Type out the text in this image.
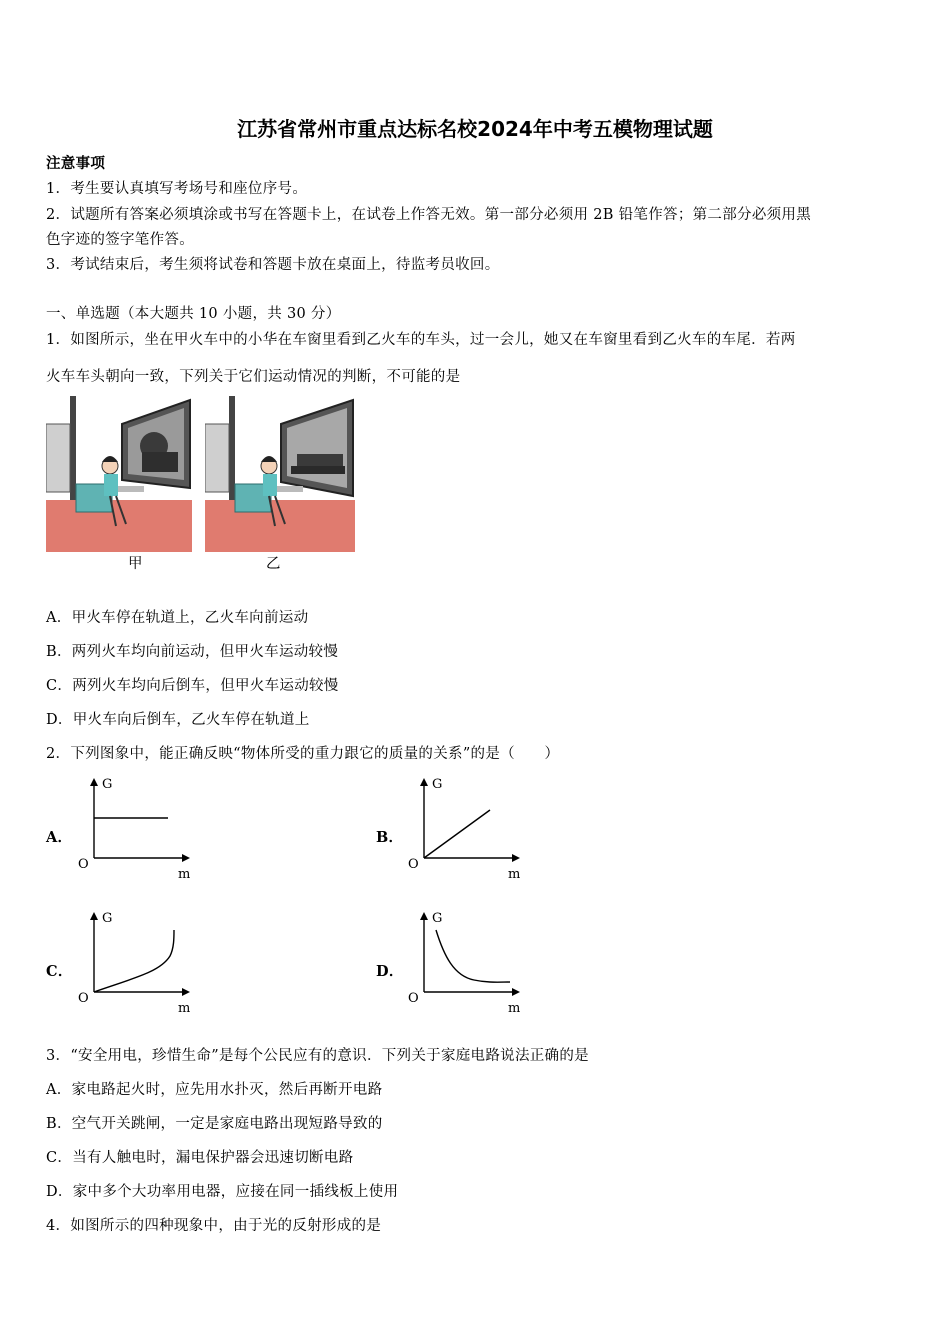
江苏省常州市重点达标名校2024年中考五模物理试题
注意事项
1．考生要认真填写考场号和座位序号。
2．试题所有答案必须填涂或书写在答题卡上，在试卷上作答无效。第一部分必须用 2B 铅笔作答；第二部分必须用黑
色字迹的签字笔作答。
3．考试结束后，考生须将试卷和答题卡放在桌面上，待监考员收回。
一、单选题（本大题共 10 小题，共 30 分）
1．如图所示，坐在甲火车中的小华在车窗里看到乙火车的车头，过一会儿，她又在车窗里看到乙火车的车尾．若两
火车车头朝向一致，下列关于它们运动情况的判断，不可能的是
甲	乙
A．甲火车停在轨道上，乙火车向前运动
B．两列火车均向前运动，但甲火车运动较慢
C．两列火车均向后倒车，但甲火车运动较慢
D．甲火车向后倒车，乙火车停在轨道上
2．下列图象中，能正确反映“物体所受的重力跟它的质量的关系”的是（　　）
A．
G
O
m
B．
G
O
m
C．
G
O
m
D．
G
O
m
3．“安全用电，珍惜生命”是每个公民应有的意识．下列关于家庭电路说法正确的是
A．家电路起火时，应先用水扑灭，然后再断开电路
B．空气开关跳闸，一定是家庭电路出现短路导致的
C．当有人触电时，漏电保护器会迅速切断电路
D．家中多个大功率用电器，应接在同一插线板上使用
4．如图所示的四种现象中，由于光的反射形成的是
